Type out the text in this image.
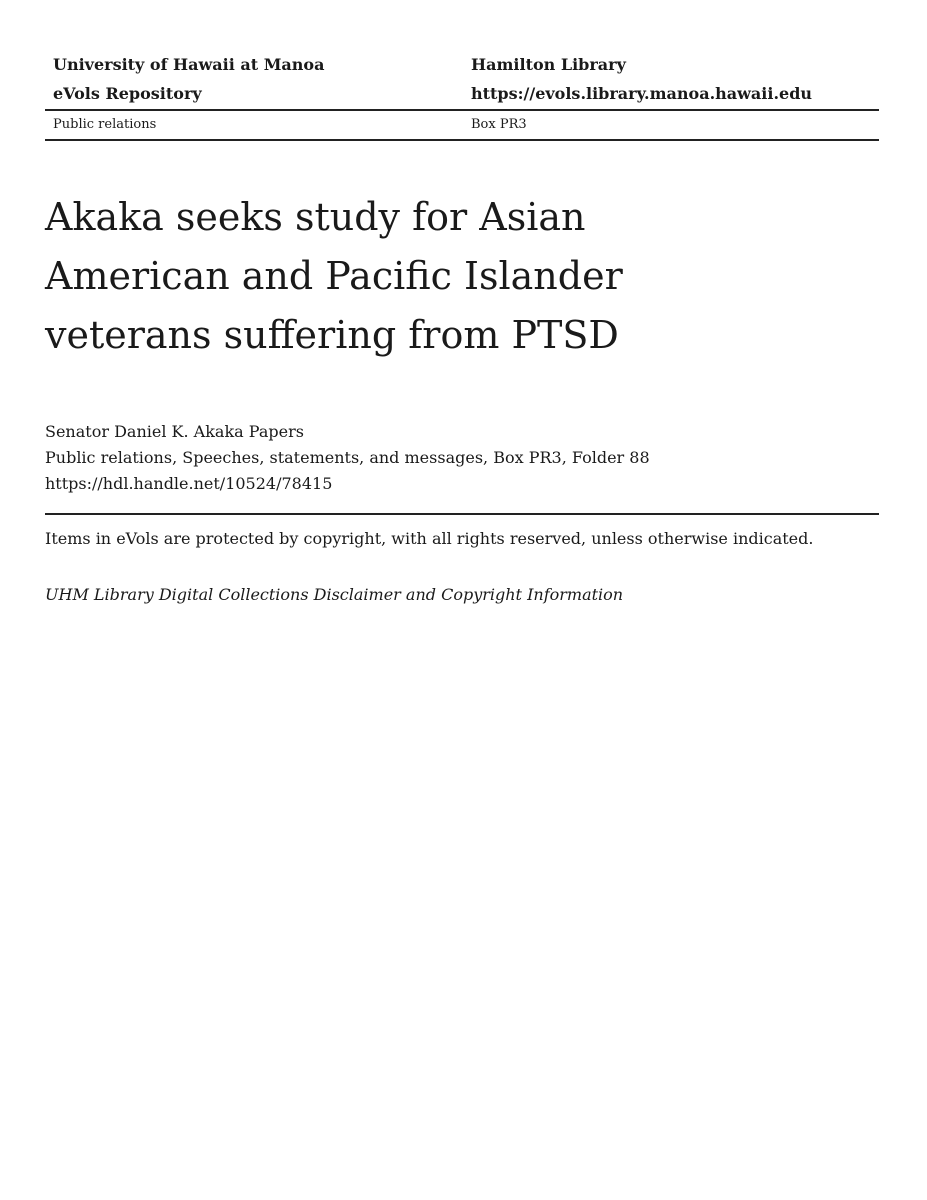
University of Hawaii at Manoa	Hamilton Library
eVols Repository	https://evols.library.manoa.hawaii.edu
Public relations	Box PR3
Akaka seeks study for Asian American and Pacific Islander veterans suffering from PTSD
Senator Daniel K. Akaka Papers
Public relations, Speeches, statements, and messages, Box PR3, Folder 88
https://hdl.handle.net/10524/78415
Items in eVols are protected by copyright, with all rights reserved, unless otherwise indicated.
UHM Library Digital Collections Disclaimer and Copyright Information
